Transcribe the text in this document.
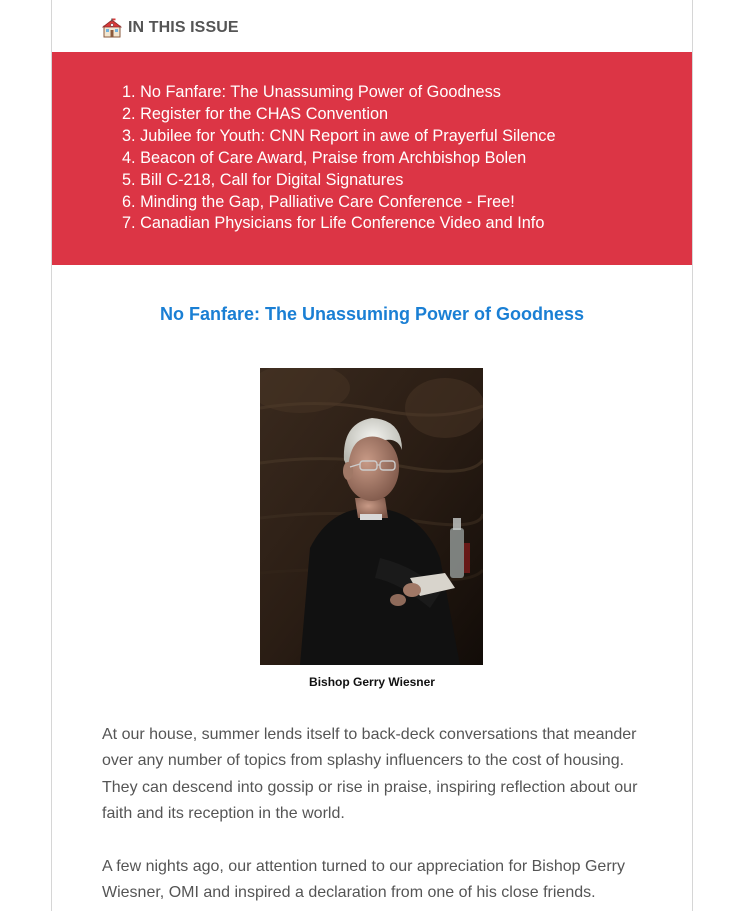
IN THIS ISSUE
1. No Fanfare: The Unassuming Power of Goodness
2. Register for the CHAS Convention
3. Jubilee for Youth: CNN Report in awe of Prayerful Silence
4. Beacon of Care Award, Praise from Archbishop Bolen
5. Bill C-218, Call for Digital Signatures
6. Minding the Gap, Palliative Care Conference - Free!
7. Canadian Physicians for Life Conference Video and Info
No Fanfare: The Unassuming Power of Goodness
Bishop Gerry Wiesner

At our house, summer lends itself to back-deck conversations that meander over any number of topics from splashy influencers to the cost of housing. They can descend into gossip or rise in praise, inspiring reflection about our faith and its reception in the world.

A few nights ago, our attention turned to our appreciation for Bishop Gerry Wiesner, OMI and inspired a declaration from one of his close friends.
